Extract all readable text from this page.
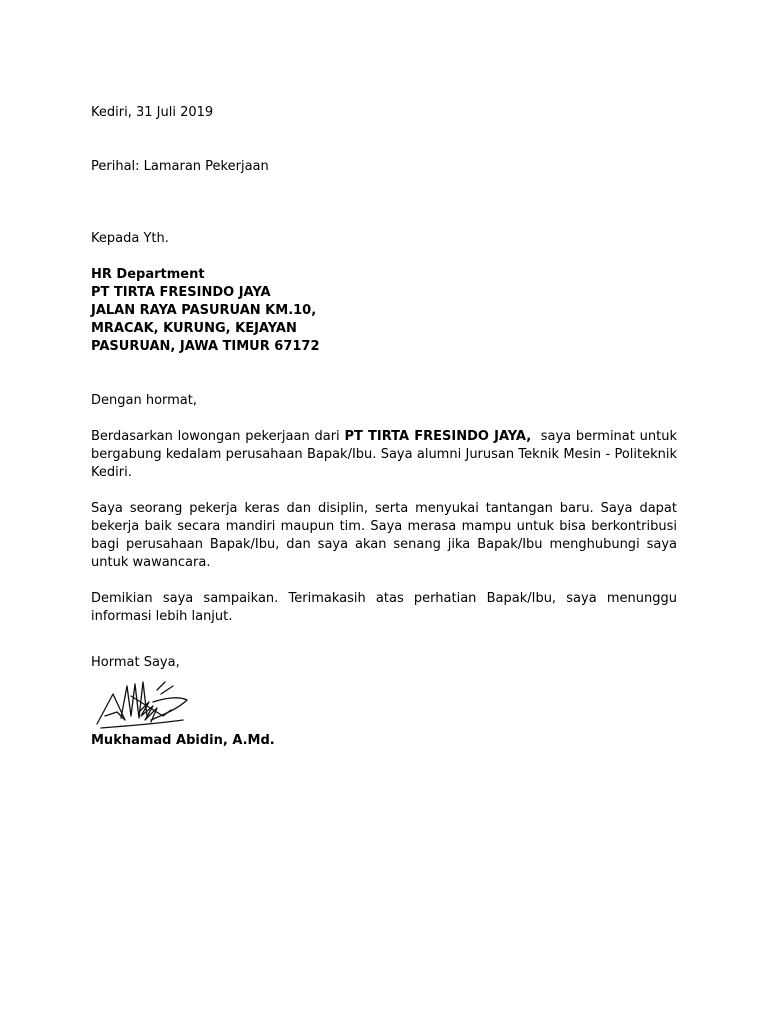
Kediri, 31 Juli 2019
Perihal: Lamaran Pekerjaan
Kepada Yth.
HR Department
PT TIRTA FRESINDO JAYA
JALAN RAYA PASURUAN KM.10,
MRACAK, KURUNG, KEJAYAN
PASURUAN, JAWA TIMUR 67172
Dengan hormat,

Berdasarkan lowongan pekerjaan dari PT TIRTA FRESINDO JAYA,  saya berminat untuk bergabung kedalam perusahaan Bapak/Ibu. Saya alumni Jurusan Teknik Mesin - Politeknik Kediri.

Saya seorang pekerja keras dan disiplin, serta menyukai tantangan baru. Saya dapat bekerja baik secara mandiri maupun tim. Saya merasa mampu untuk bisa berkontribusi bagi perusahaan Bapak/Ibu, dan saya akan senang jika Bapak/Ibu menghubungi saya untuk wawancara.

Demikian saya sampaikan. Terimakasih atas perhatian Bapak/Ibu, saya menunggu informasi lebih lanjut.

Hormat Saya,
Mukhamad Abidin, A.Md.
